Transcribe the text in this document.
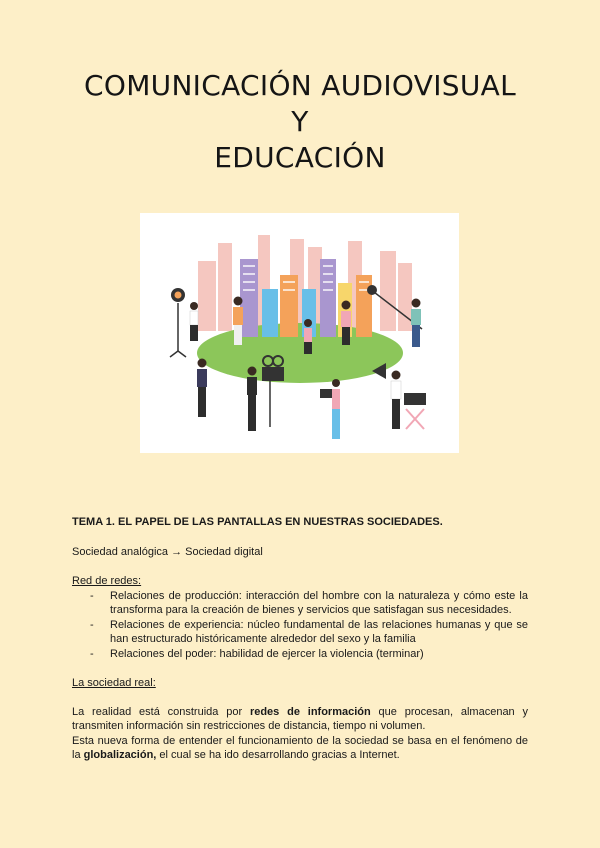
COMUNICACIÓN AUDIOVISUAL
Y
EDUCACIÓN
TEMA 1. EL PAPEL DE LAS PANTALLAS EN NUESTRAS SOCIEDADES.
Sociedad analógica → Sociedad digital
Red de redes:
- Relaciones de producción: interacción del hombre con la naturaleza y cómo este la transforma para la creación de bienes y servicios que satisfagan sus necesidades.
- Relaciones de experiencia: núcleo fundamental de las relaciones humanas y que se han estructurado históricamente alrededor del sexo y la familia
- Relaciones del poder: habilidad de ejercer la violencia (terminar)
La sociedad real:

La realidad está construida por redes de información que procesan, almacenan y transmiten información sin restricciones de distancia, tiempo ni volumen.

Esta nueva forma de entender el funcionamiento de la sociedad se basa en el fenómeno de la globalización, el cual se ha ido desarrollando gracias a Internet.
